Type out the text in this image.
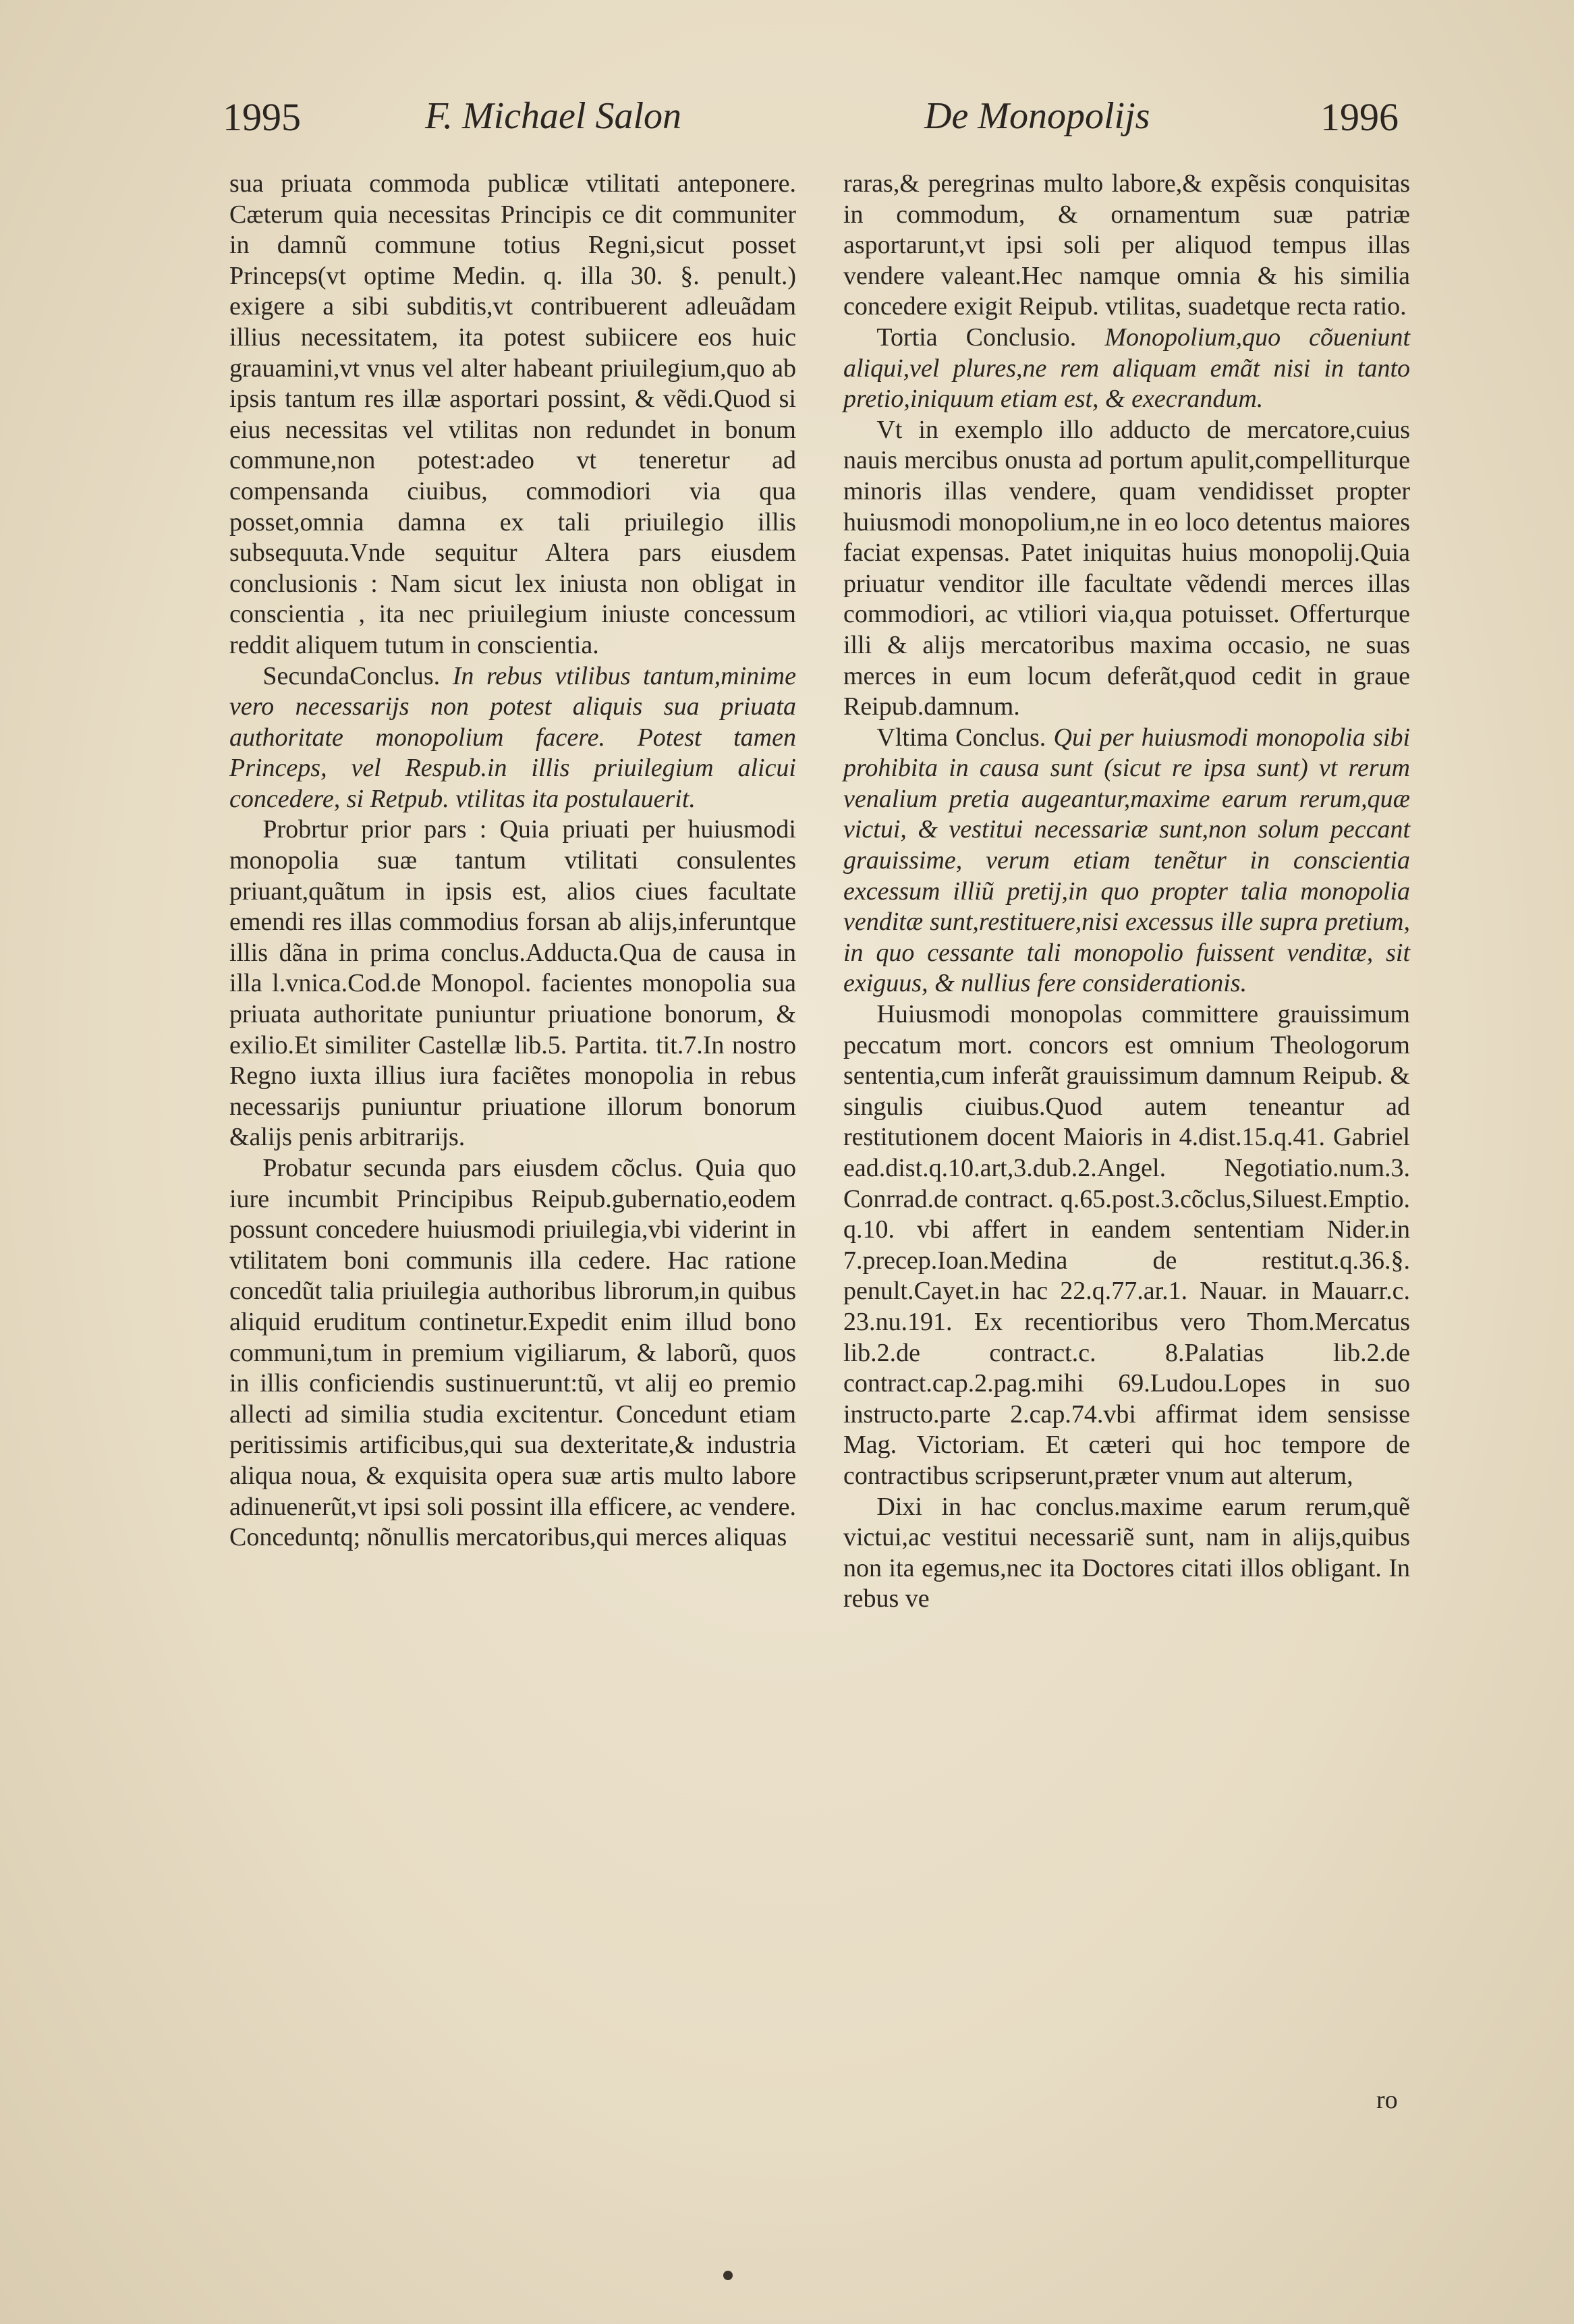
1995	F. Michael Salon	De Monopolijs	1996

sua priuata commoda publicæ vtilitati anteponere. Cæterum quia necessitas Principis ce dit communiter in damnũ commune totius Regni,sicut posset Princeps(vt optime Medin. q. illa 30. §. penult.) exigere a sibi subditis,vt contribuerent adleuãdam illius necessitatem, ita potest subiicere eos huic grauamini,vt vnus vel alter habeant priuilegium,quo ab ipsis tantum res illæ asportari possint, & vẽdi.Quod si eius necessitas vel vtilitas non redundet in bonum commune,non potest:adeo vt teneretur ad compensanda ciuibus, commodiori via qua posset,omnia damna ex tali priuilegio illis subsequuta.Vnde sequitur Altera pars eiusdem conclusionis : Nam sicut lex iniusta non obligat in conscientia , ita nec priuilegium iniuste concessum reddit aliquem tutum in conscientia.

SecundaConclus. In rebus vtilibus tantum,minime vero necessarijs non potest aliquis sua priuata authoritate monopolium facere. Potest tamen Princeps, vel Respub.in illis priuilegium alicui concedere, si Retpub. vtilitas ita postulauerit.

Probrtur prior pars : Quia priuati per huiusmodi monopolia suæ tantum vtilitati consulentes priuant,quãtum in ipsis est, alios ciues facultate emendi res illas commodius forsan ab alijs,inferuntque illis dãna in prima conclus.Adducta.Qua de causa in illa l.vnica.Cod.de Monopol. facientes monopolia sua priuata authoritate puniuntur priuatione bonorum, & exilio.Et similiter Castellæ lib.5. Partita. tit.7.In nostro Regno iuxta illius iura faciẽtes monopolia in rebus necessarijs puniuntur priuatione illorum bonorum &alijs penis arbitrarijs.

Probatur secunda pars eiusdem cõclus. Quia quo iure incumbit Principibus Reipub.gubernatio,eodem possunt concedere huiusmodi priuilegia,vbi viderint in vtilitatem boni communis illa cedere. Hac ratione concedũt talia priuilegia authoribus librorum,in quibus aliquid eruditum continetur.Expedit enim illud bono communi,tum in premium vigiliarum, & laborũ, quos in illis conficiendis sustinuerunt:tũ, vt alij eo premio allecti ad similia studia excitentur. Concedunt etiam peritissimis artificibus,qui sua dexteritate,& industria aliqua noua, & exquisita opera suæ artis multo labore adinuenerũt,vt ipsi soli possint illa efficere, ac vendere. Conceduntq; nõnullis mercatoribus,qui merces aliquas

raras,& peregrinas multo labore,& expẽsis conquisitas in commodum, & ornamentum suæ patriæ asportarunt,vt ipsi soli per aliquod tempus illas vendere valeant.Hec namque omnia & his similia concedere exigit Reipub. vtilitas, suadetque recta ratio.

Tortia Conclusio. Monopolium,quo cõueniunt aliqui,vel plures,ne rem aliquam emãt nisi in tanto pretio,iniquum etiam est, & execrandum.

Vt in exemplo illo adducto de mercatore,cuius nauis mercibus onusta ad portum apulit,compelliturque minoris illas vendere, quam vendidisset propter huiusmodi monopolium,ne in eo loco detentus maiores faciat expensas. Patet iniquitas huius monopolij.Quia priuatur venditor ille facultate vẽdendi merces illas commodiori, ac vtiliori via,qua potuisset. Offerturque illi & alijs mercatoribus maxima occasio, ne suas merces in eum locum deferãt,quod cedit in graue Reipub.damnum.

Vltima Conclus. Qui per huiusmodi monopolia sibi prohibita in causa sunt (sicut re ipsa sunt) vt rerum venalium pretia augeantur,maxime earum rerum,quæ victui, & vestitui necessariæ sunt,non solum peccant grauissime, verum etiam tenẽtur in conscientia excessum illiũ pretij,in quo propter talia monopolia venditæ sunt,restituere,nisi excessus ille supra pretium, in quo cessante tali monopolio fuissent venditæ, sit exiguus, & nullius fere considerationis.

Huiusmodi monopolas committere grauissimum peccatum mort. concors est omnium Theologorum sententia,cum inferãt grauissimum damnum Reipub. & singulis ciuibus.Quod autem teneantur ad restitutionem docent Maioris in 4.dist.15.q.41. Gabriel ead.dist.q.10.art,3.dub.2.Angel. Negotiatio.num.3. Conrrad.de contract. q.65.post.3.cõclus,Siluest.Emptio. q.10. vbi affert in eandem sententiam Nider.in 7.precep.Ioan.Medina de restitut.q.36.§. penult.Cayet.in hac 22.q.77.ar.1. Nauar. in Mauarr.c. 23.nu.191. Ex recentioribus vero Thom.Mercatus lib.2.de contract.c. 8.Palatias lib.2.de contract.cap.2.pag.mihi 69.Ludou.Lopes in suo instructo.parte 2.cap.74.vbi affirmat idem sensisse Mag. Victoriam. Et cæteri qui hoc tempore de contractibus scripserunt,præter vnum aut alterum,

Dixi in hac conclus.maxime earum rerum,quẽ victui,ac vestitui necessariẽ sunt, nam in alijs,quibus non ita egemus,nec ita Doctores citati illos obligant. In rebus ve

ro
